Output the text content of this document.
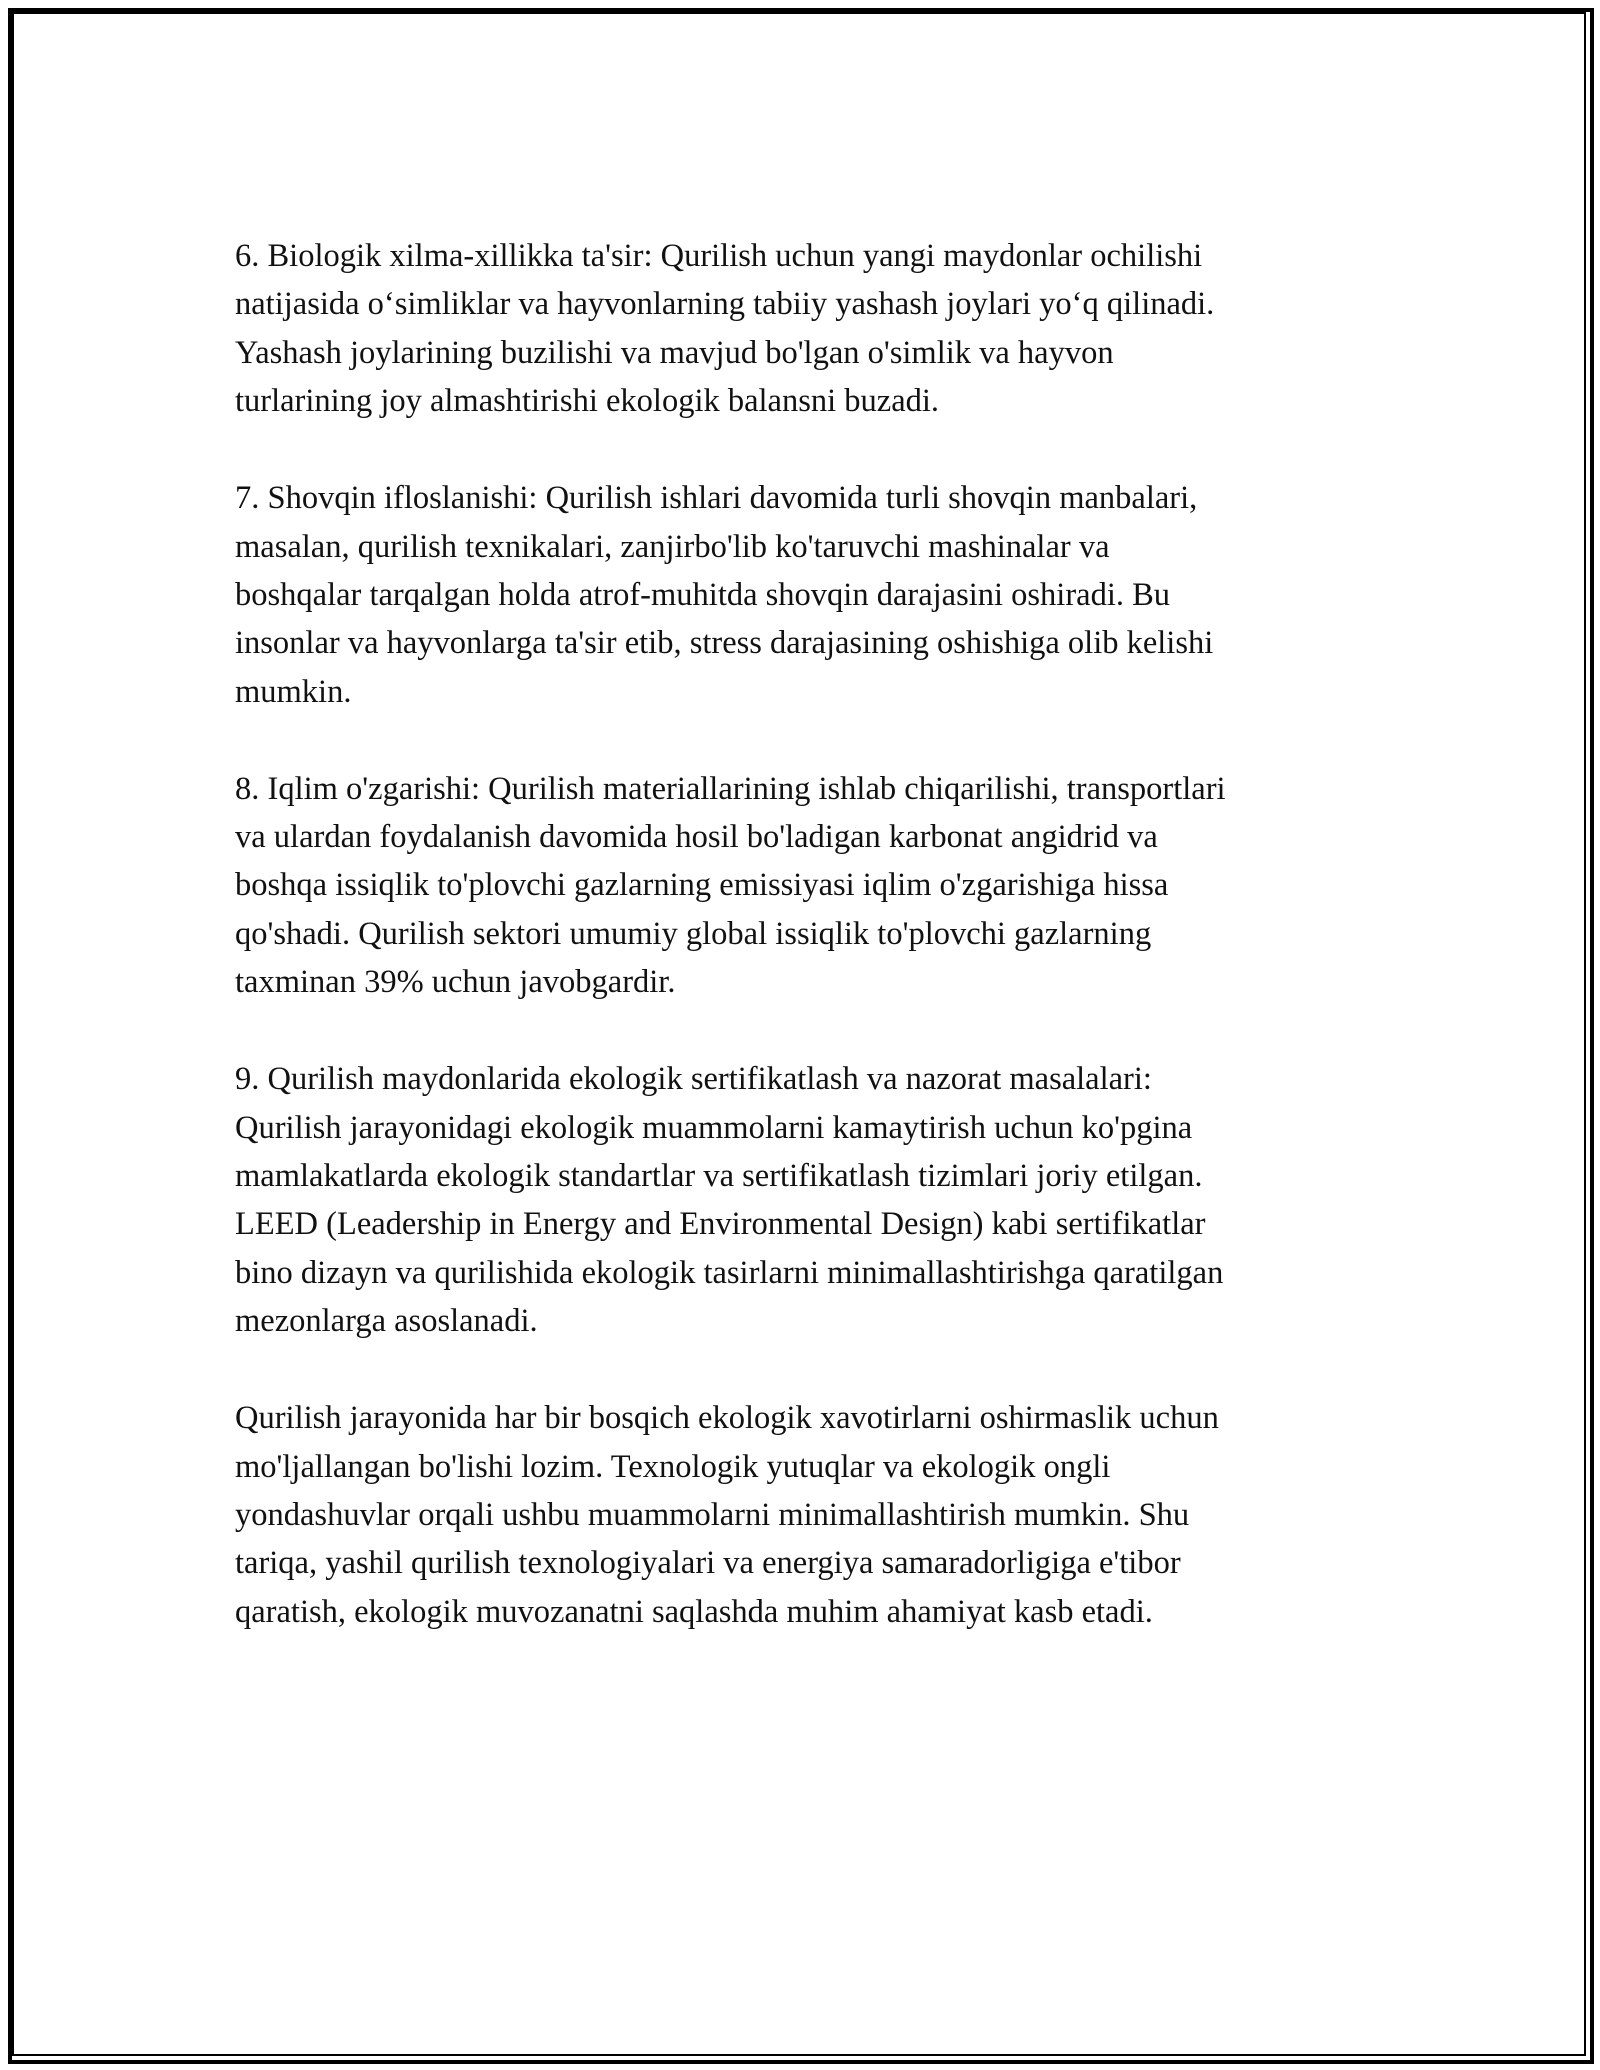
6. Biologik xilma-xillikka ta'sir: Qurilish uchun yangi maydonlar ochilishi
natijasida o‘simliklar va hayvonlarning tabiiy yashash joylari yo‘q qilinadi.
Yashash joylarining buzilishi va mavjud bo'lgan o'simlik va hayvon
turlarining joy almashtirishi ekologik balansni buzadi.

7. Shovqin ifloslanishi: Qurilish ishlari davomida turli shovqin manbalari,
masalan, qurilish texnikalari, zanjirbo'lib ko'taruvchi mashinalar va
boshqalar tarqalgan holda atrof-muhitda shovqin darajasini oshiradi. Bu
insonlar va hayvonlarga ta'sir etib, stress darajasining oshishiga olib kelishi
mumkin.

8. Iqlim o'zgarishi: Qurilish materiallarining ishlab chiqarilishi, transportlari
va ulardan foydalanish davomida hosil bo'ladigan karbonat angidrid va
boshqa issiqlik to'plovchi gazlarning emissiyasi iqlim o'zgarishiga hissa
qo'shadi. Qurilish sektori umumiy global issiqlik to'plovchi gazlarning
taxminan 39% uchun javobgardir.

9. Qurilish maydonlarida ekologik sertifikatlash va nazorat masalalari:
Qurilish jarayonidagi ekologik muammolarni kamaytirish uchun ko'pgina
mamlakatlarda ekologik standartlar va sertifikatlash tizimlari joriy etilgan.
LEED (Leadership in Energy and Environmental Design) kabi sertifikatlar
bino dizayn va qurilishida ekologik tasirlarni minimallashtirishga qaratilgan
mezonlarga asoslanadi.

Qurilish jarayonida har bir bosqich ekologik xavotirlarni oshirmaslik uchun
mo'ljallangan bo'lishi lozim. Texnologik yutuqlar va ekologik ongli
yondashuvlar orqali ushbu muammolarni minimallashtirish mumkin. Shu
tariqa, yashil qurilish texnologiyalari va energiya samaradorligiga e'tibor
qaratish, ekologik muvozanatni saqlashda muhim ahamiyat kasb etadi.
